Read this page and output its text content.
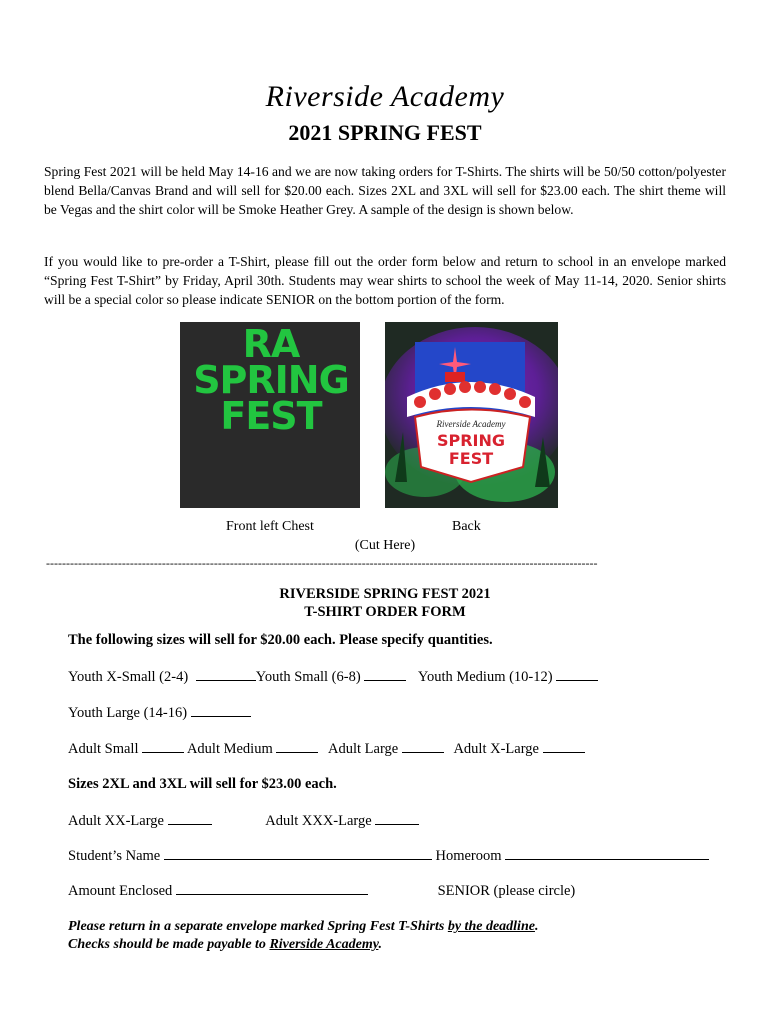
Riverside Academy
2021 SPRING FEST
Spring Fest 2021 will be held May 14-16 and we are now taking orders for T-Shirts. The shirts will be 50/50 cotton/polyester blend Bella/Canvas Brand and will sell for $20.00 each. Sizes 2XL and 3XL will sell for $23.00 each. The shirt theme will be Vegas and the shirt color will be Smoke Heather Grey. A sample of the design is shown below.
If you would like to pre-order a T-Shirt, please fill out the order form below and return to school in an envelope marked “Spring Fest T-Shirt” by Friday, April 30th. Students may wear shirts to school the week of May 11-14, 2020. Senior shirts will be a special color so please indicate SENIOR on the bottom portion of the form.
RA
SPRING
FEST	Riverside Academy
SPRING
FEST
WELCOME
Front left Chest	Back
(Cut Here)
------------------------------------------------------------------------------------------------------------------------------------------
RIVERSIDE SPRING FEST 2021
T-SHIRT ORDER FORM
The following sizes will sell for $20.00 each. Please specify quantities.
Youth X-Small (2-4)	Youth Small (6-8)	Youth Medium (10-12)
Youth Large (14-16)
Adult Small	Adult Medium	Adult Large	Adult X-Large
Sizes 2XL and 3XL will sell for $23.00 each.
Adult XX-Large	Adult XXX-Large
Student’s Name	Homeroom
Amount Enclosed	SENIOR (please circle)
Please return in a separate envelope marked Spring Fest T-Shirts by the deadline.
Checks should be made payable to Riverside Academy.
